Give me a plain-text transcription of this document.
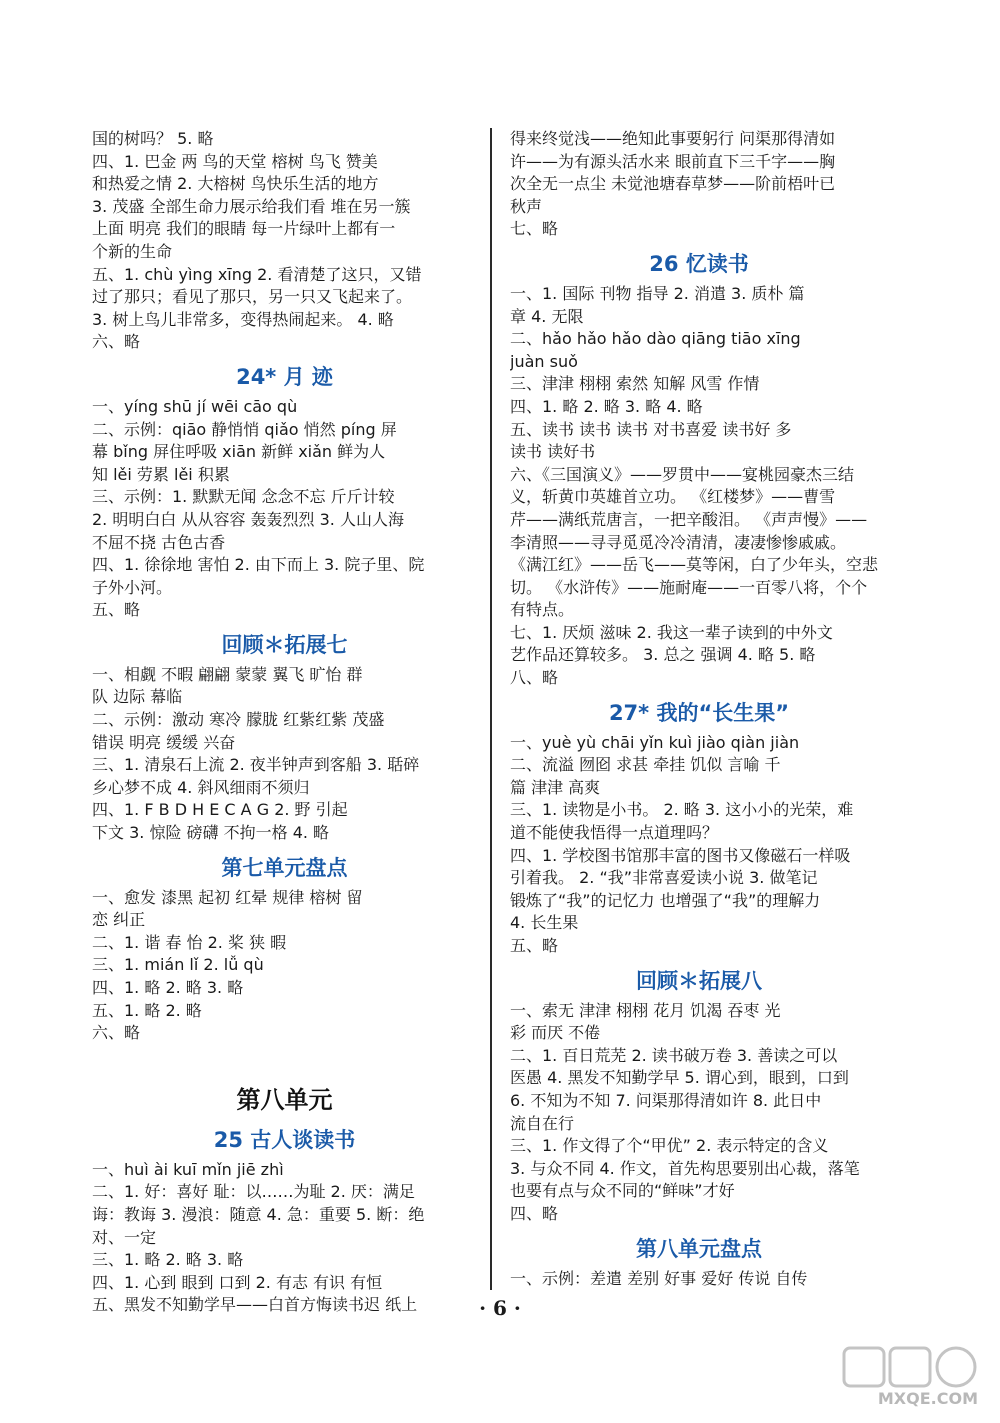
国的树吗？ 5. 略
四、1. 巴金 两 鸟的天堂 榕树 鸟飞 赞美
和热爱之情 2. 大榕树 鸟快乐生活的地方
3. 茂盛 全部生命力展示给我们看 堆在另一簇
上面 明亮 我们的眼睛 每一片绿叶上都有一
个新的生命
五、1. chù yìng xīng 2. 看清楚了这只，又错
过了那只；看见了那只，另一只又飞起来了。
3. 树上鸟儿非常多，变得热闹起来。 4. 略
六、略
24* 月 迹
一、yíng shū jí wēi cāo qù
二、示例：qiāo 静悄悄 qiǎo 悄然 píng 屏
幕 bǐng 屏住呼吸 xiān 新鲜 xiǎn 鲜为人
知 lěi 劳累 lěi 积累
三、示例：1. 默默无闻 念念不忘 斤斤计较
2. 明明白白 从从容容 轰轰烈烈 3. 人山人海
不屈不挠 古色古香
四、1. 徐徐地 害怕 2. 由下而上 3. 院子里、院
子外小河。
五、略
回顾＊拓展七
一、相觑 不暇 翩翩 蒙蒙 翼飞 旷怡 群
队 边际 幕临
二、示例：激动 寒冷 朦胧 红紫红紫 茂盛
错误 明亮 缓缓 兴奋
三、1. 清泉石上流 2. 夜半钟声到客船 3. 聒碎
乡心梦不成 4. 斜风细雨不须归
四、1. F B D H E C A G 2. 野 引起
下文 3. 惊险 磅礴 不拘一格 4. 略
第七单元盘点
一、愈发 漆黑 起初 红晕 规律 榕树 留
恋 纠正
二、1. 谐 春 怡 2. 桨 狭 暇
三、1. mián lǐ 2. lǚ qù
四、1. 略 2. 略 3. 略
五、1. 略 2. 略
六、略
第八单元
25 古人谈读书
一、huì ài kuī mǐn jiē zhì
二、1. 好：喜好 耻：以……为耻 2. 厌：满足
诲：教诲 3. 漫浪：随意 4. 急：重要 5. 断：绝
对、一定
三、1. 略 2. 略 3. 略
四、1. 心到 眼到 口到 2. 有志 有识 有恒
五、黑发不知勤学早——白首方悔读书迟 纸上
得来终觉浅——绝知此事要躬行 问渠那得清如
许——为有源头活水来 眼前直下三千字——胸
次全无一点尘 未觉池塘春草梦——阶前梧叶已
秋声
七、略
26 忆读书
一、1. 国际 刊物 指导 2. 消遣 3. 质朴 篇
章 4. 无限
二、hǎo hǎo hǎo dào qiāng tiāo xīng
juàn suǒ
三、津津 栩栩 索然 知解 风雪 作情
四、1. 略 2. 略 3. 略 4. 略
五、读书 读书 读书 对书喜爱 读书好 多
读书 读好书
六、《三国演义》——罗贯中——宴桃园豪杰三结
义，斩黄巾英雄首立功。 《红楼梦》——曹雪
芹——满纸荒唐言，一把辛酸泪。 《声声慢》——
李清照——寻寻觅觅冷冷清清，凄凄惨惨戚戚。
《满江红》——岳飞——莫等闲，白了少年头，空悲
切。 《水浒传》——施耐庵——一百零八将，个个
有特点。
七、1. 厌烦 滋味 2. 我这一辈子读到的中外文
艺作品还算较多。 3. 总之 强调 4. 略 5. 略
八、略
27* 我的“长生果”
一、yuè yù chāi yǐn kuì jiào qiàn jiàn
二、流溢 囫囵 求甚 牵挂 饥似 言喻 千
篇 津津 高爽
三、1. 读物是小书。 2. 略 3. 这小小的光荣，难
道不能使我悟得一点道理吗？
四、1. 学校图书馆那丰富的图书又像磁石一样吸
引着我。 2. “我”非常喜爱读小说 3. 做笔记
锻炼了“我”的记忆力 也增强了“我”的理解力
4. 长生果
五、略
回顾＊拓展八
一、索无 津津 栩栩 花月 饥渴 吞枣 光
彩 而厌 不倦
二、1. 百日荒芜 2. 读书破万卷 3. 善读之可以
医愚 4. 黑发不知勤学早 5. 谓心到，眼到，口到
6. 不知为不知 7. 问渠那得清如许 8. 此日中
流自在行
三、1. 作文得了个“甲优” 2. 表示特定的含义
3. 与众不同 4. 作文，首先构思要别出心裁，落笔
也要有点与众不同的“鲜味”才好
四、略
第八单元盘点
一、示例：差遣 差别 好事 爱好 传说 自传
· 6 ·
MXQE.COM
